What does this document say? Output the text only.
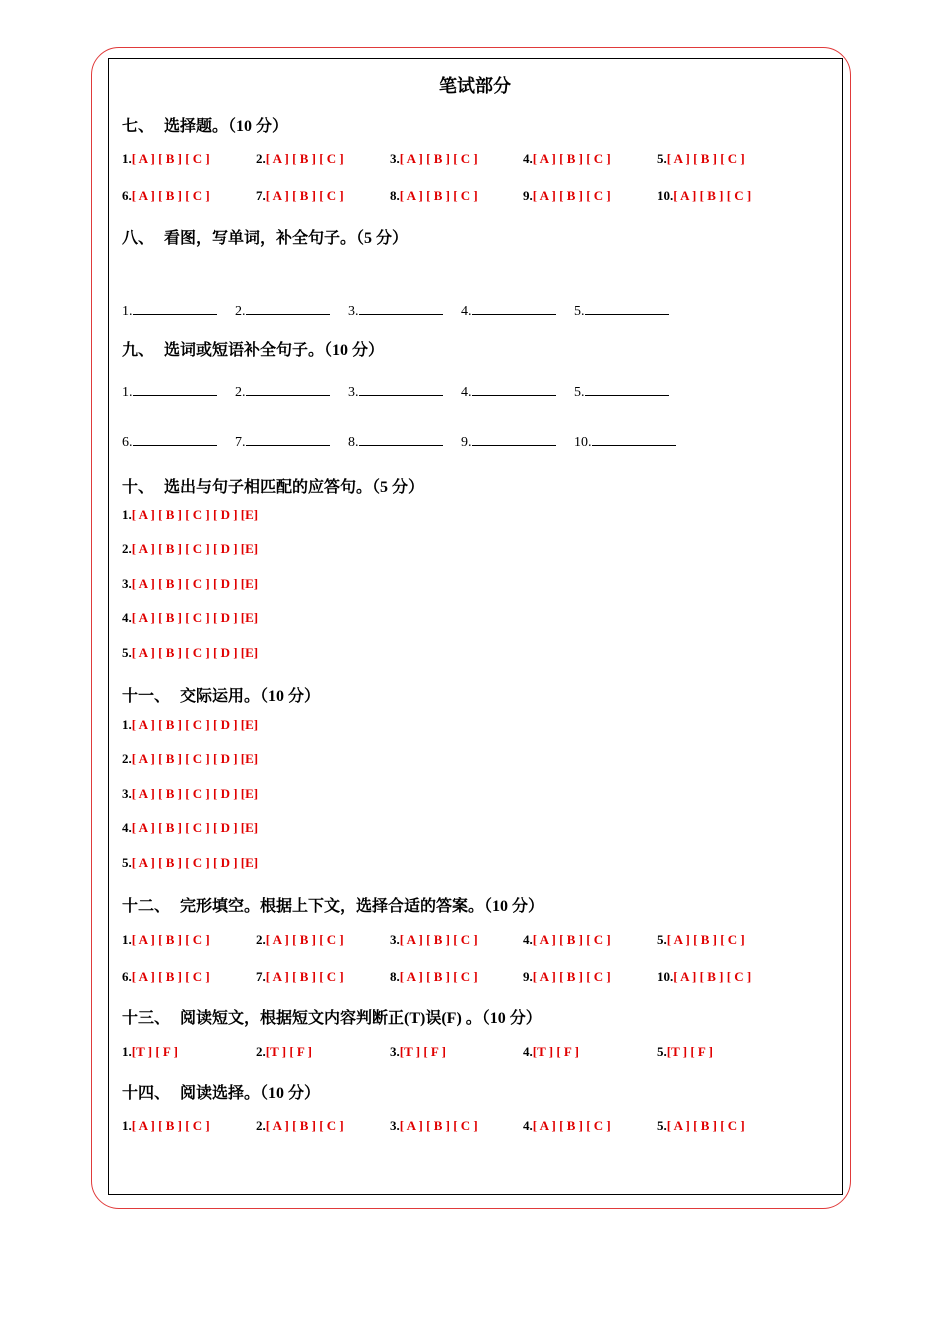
笔试部分
七、 选择题。（10 分）
1.[ A ] [ B ] [ C ]	2.[ A ] [ B ] [ C ]	3.[ A ] [ B ] [ C ]	4.[ A ] [ B ] [ C ]	5.[ A ] [ B ] [ C ]
6.[ A ] [ B ] [ C ]	7.[ A ] [ B ] [ C ]	8.[ A ] [ B ] [ C ]	9.[ A ] [ B ] [ C ]	10.[ A ] [ B ] [ C ]
八、 看图，写单词，补全句子。（5 分）
1.	2.	3.	4.	5.
九、 选词或短语补全句子。（10 分）
1.	2.	3.	4.	5.
6.	7.	8.	9.	10.
十、 选出与句子相匹配的应答句。（5 分）
1.[ A ] [ B ] [ C ] [ D ] [E]
2.[ A ] [ B ] [ C ] [ D ] [E]
3.[ A ] [ B ] [ C ] [ D ] [E]
4.[ A ] [ B ] [ C ] [ D ] [E]
5.[ A ] [ B ] [ C ] [ D ] [E]
十一、 交际运用。（10 分）
1.[ A ] [ B ] [ C ] [ D ] [E]
2.[ A ] [ B ] [ C ] [ D ] [E]
3.[ A ] [ B ] [ C ] [ D ] [E]
4.[ A ] [ B ] [ C ] [ D ] [E]
5.[ A ] [ B ] [ C ] [ D ] [E]
十二、 完形填空。根据上下文，选择合适的答案。（10 分）
1.[ A ] [ B ] [ C ]	2.[ A ] [ B ] [ C ]	3.[ A ] [ B ] [ C ]	4.[ A ] [ B ] [ C ]	5.[ A ] [ B ] [ C ]
6.[ A ] [ B ] [ C ]	7.[ A ] [ B ] [ C ]	8.[ A ] [ B ] [ C ]	9.[ A ] [ B ] [ C ]	10.[ A ] [ B ] [ C ]
十三、 阅读短文，根据短文内容判断正(T)误(F) 。（10 分）
1.[T ] [ F ]	2.[T ] [ F ]	3.[T ] [ F ]	4.[T ] [ F ]	5.[T ] [ F ]
十四、 阅读选择。（10 分）
1.[ A ] [ B ] [ C ]	2.[ A ] [ B ] [ C ]	3.[ A ] [ B ] [ C ]	4.[ A ] [ B ] [ C ]	5.[ A ] [ B ] [ C ]
